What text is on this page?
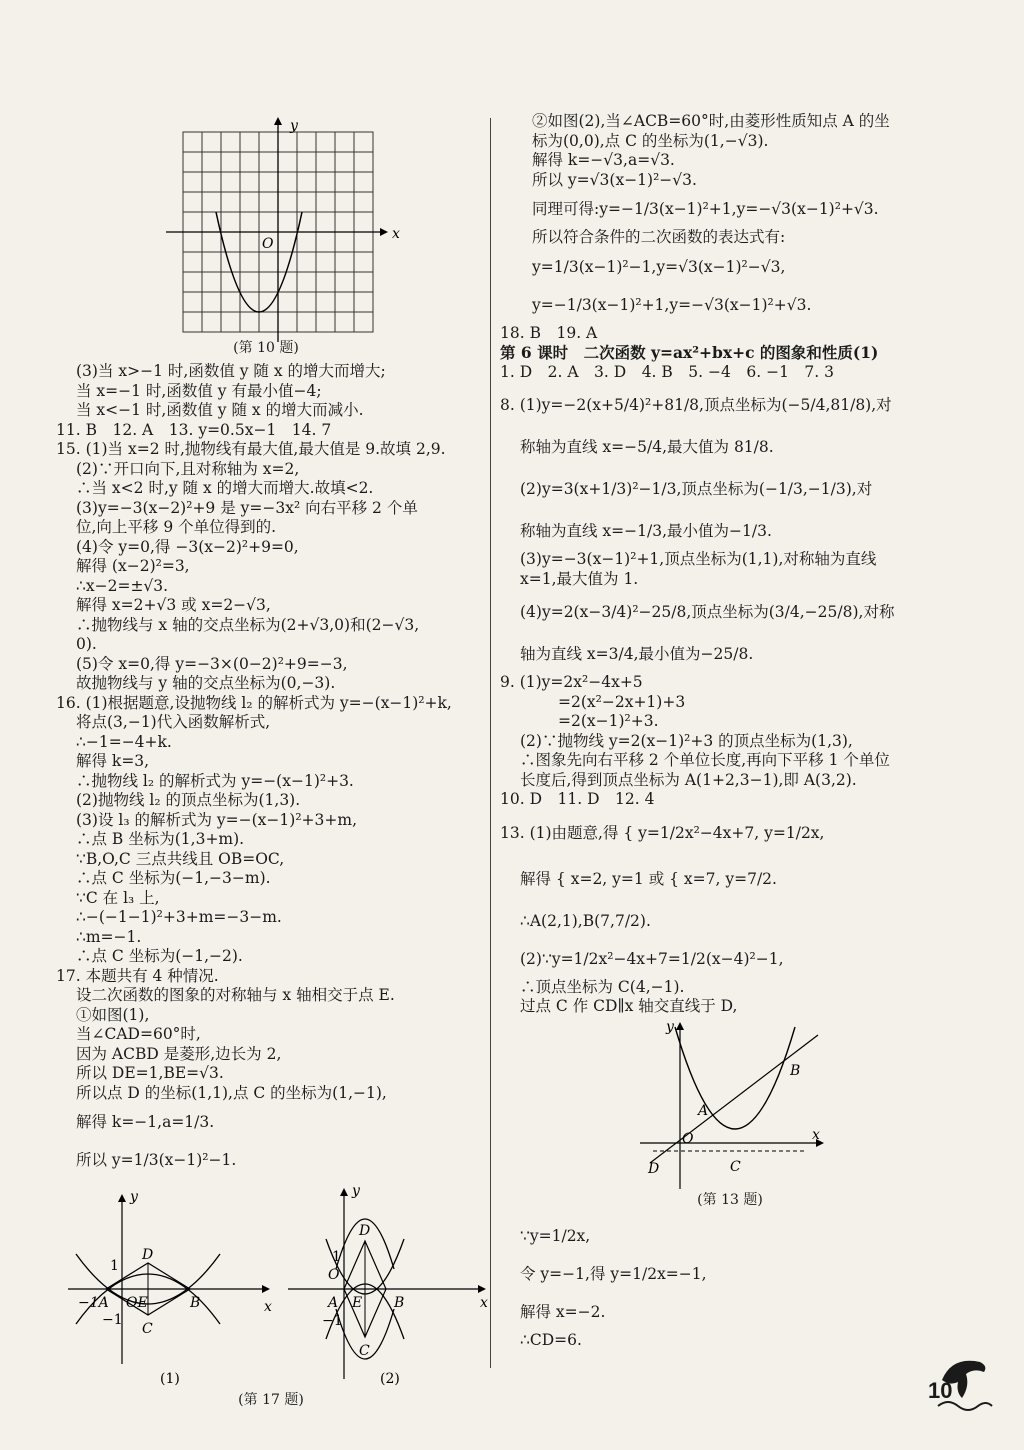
y
x
O
(第 10 题)
(3)当 x>−1 时,函数值 y 随 x 的增大而增大;
当 x=−1 时,函数值 y 有最小值−4;
当 x<−1 时,函数值 y 随 x 的增大而减小.
11. B　12. A　13. y=0.5x−1　14. 7
15. (1)当 x=2 时,抛物线有最大值,最大值是 9.故填 2,9.
(2)∵开口向下,且对称轴为 x=2,
∴当 x<2 时,y 随 x 的增大而增大.故填<2.
(3)y=−3(x−2)²+9 是 y=−3x² 向右平移 2 个单
位,向上平移 9 个单位得到的.
(4)令 y=0,得 −3(x−2)²+9=0,
解得 (x−2)²=3,
∴x−2=±√3.
解得 x=2+√3 或 x=2−√3,
∴抛物线与 x 轴的交点坐标为(2+√3,0)和(2−√3,
0).
(5)令 x=0,得 y=−3×(0−2)²+9=−3,
故抛物线与 y 轴的交点坐标为(0,−3).
16. (1)根据题意,设抛物线 l₂ 的解析式为 y=−(x−1)²+k,
将点(3,−1)代入函数解析式,
∴−1=−4+k.
解得 k=3,
∴抛物线 l₂ 的解析式为 y=−(x−1)²+3.
(2)抛物线 l₂ 的顶点坐标为(1,3).
(3)设 l₃ 的解析式为 y=−(x−1)²+3+m,
∴点 B 坐标为(1,3+m).
∵B,O,C 三点共线且 OB=OC,
∴点 C 坐标为(−1,−3−m).
∵C 在 l₃ 上,
∴−(−1−1)²+3+m=−3−m.
∴m=−1.
∴点 C 坐标为(−1,−2).
17. 本题共有 4 种情况.
设二次函数的图象的对称轴与 x 轴相交于点 E.
①如图(1),
当∠CAD=60°时,
因为 ACBD 是菱形,边长为 2,
所以 DE=1,BE=√3.
所以点 D 的坐标(1,1),点 C 的坐标为(1,−1),
解得 k=−1,a=1/3.
所以 y=1/3(x−1)²−1.
D
C
B
−1A OE
1
−1
y
x
D
C
B
A E
O
1
−1
y
x
(1)	(2)
(第 17 题)
②如图(2),当∠ACB=60°时,由菱形性质知点 A 的坐
标为(0,0),点 C 的坐标为(1,−√3).
解得 k=−√3,a=√3.
所以 y=√3(x−1)²−√3.
同理可得:y=−1/3(x−1)²+1,y=−√3(x−1)²+√3.
所以符合条件的二次函数的表达式有:
y=1/3(x−1)²−1,y=√3(x−1)²−√3,
y=−1/3(x−1)²+1,y=−√3(x−1)²+√3.
18. B　19. A
第 6 课时　二次函数 y=ax²+bx+c 的图象和性质(1)
1. D　2. A　3. D　4. B　5. −4　6. −1　7. 3
8. (1)y=−2(x+5/4)²+81/8,顶点坐标为(−5/4,81/8),对
称轴为直线 x=−5/4,最大值为 81/8.
(2)y=3(x+1/3)²−1/3,顶点坐标为(−1/3,−1/3),对
称轴为直线 x=−1/3,最小值为−1/3.
(3)y=−3(x−1)²+1,顶点坐标为(1,1),对称轴为直线
x=1,最大值为 1.
(4)y=2(x−3/4)²−25/8,顶点坐标为(3/4,−25/8),对称
轴为直线 x=3/4,最小值为−25/8.
9. (1)y=2x²−4x+5
=2(x²−2x+1)+3
=2(x−1)²+3.
(2)∵抛物线 y=2(x−1)²+3 的顶点坐标为(1,3),
∴图象先向右平移 2 个单位长度,再向下平移 1 个单位
长度后,得到顶点坐标为 A(1+2,3−1),即 A(3,2).
10. D　11. D　12. 4
13. (1)由题意,得 { y=1/2x²−4x+7, y=1/2x,
解得 { x=2, y=1 或 { x=7, y=7/2.
∴A(2,1),B(7,7/2).
(2)∵y=1/2x²−4x+7=1/2(x−4)²−1,
∴顶点坐标为 C(4,−1).
过点 C 作 CD∥x 轴交直线于 D,
y
x
O
A
B
C
D
(第 13 题)
∵y=1/2x,
令 y=−1,得 y=1/2x=−1,
解得 x=−2.
∴CD=6.
10
